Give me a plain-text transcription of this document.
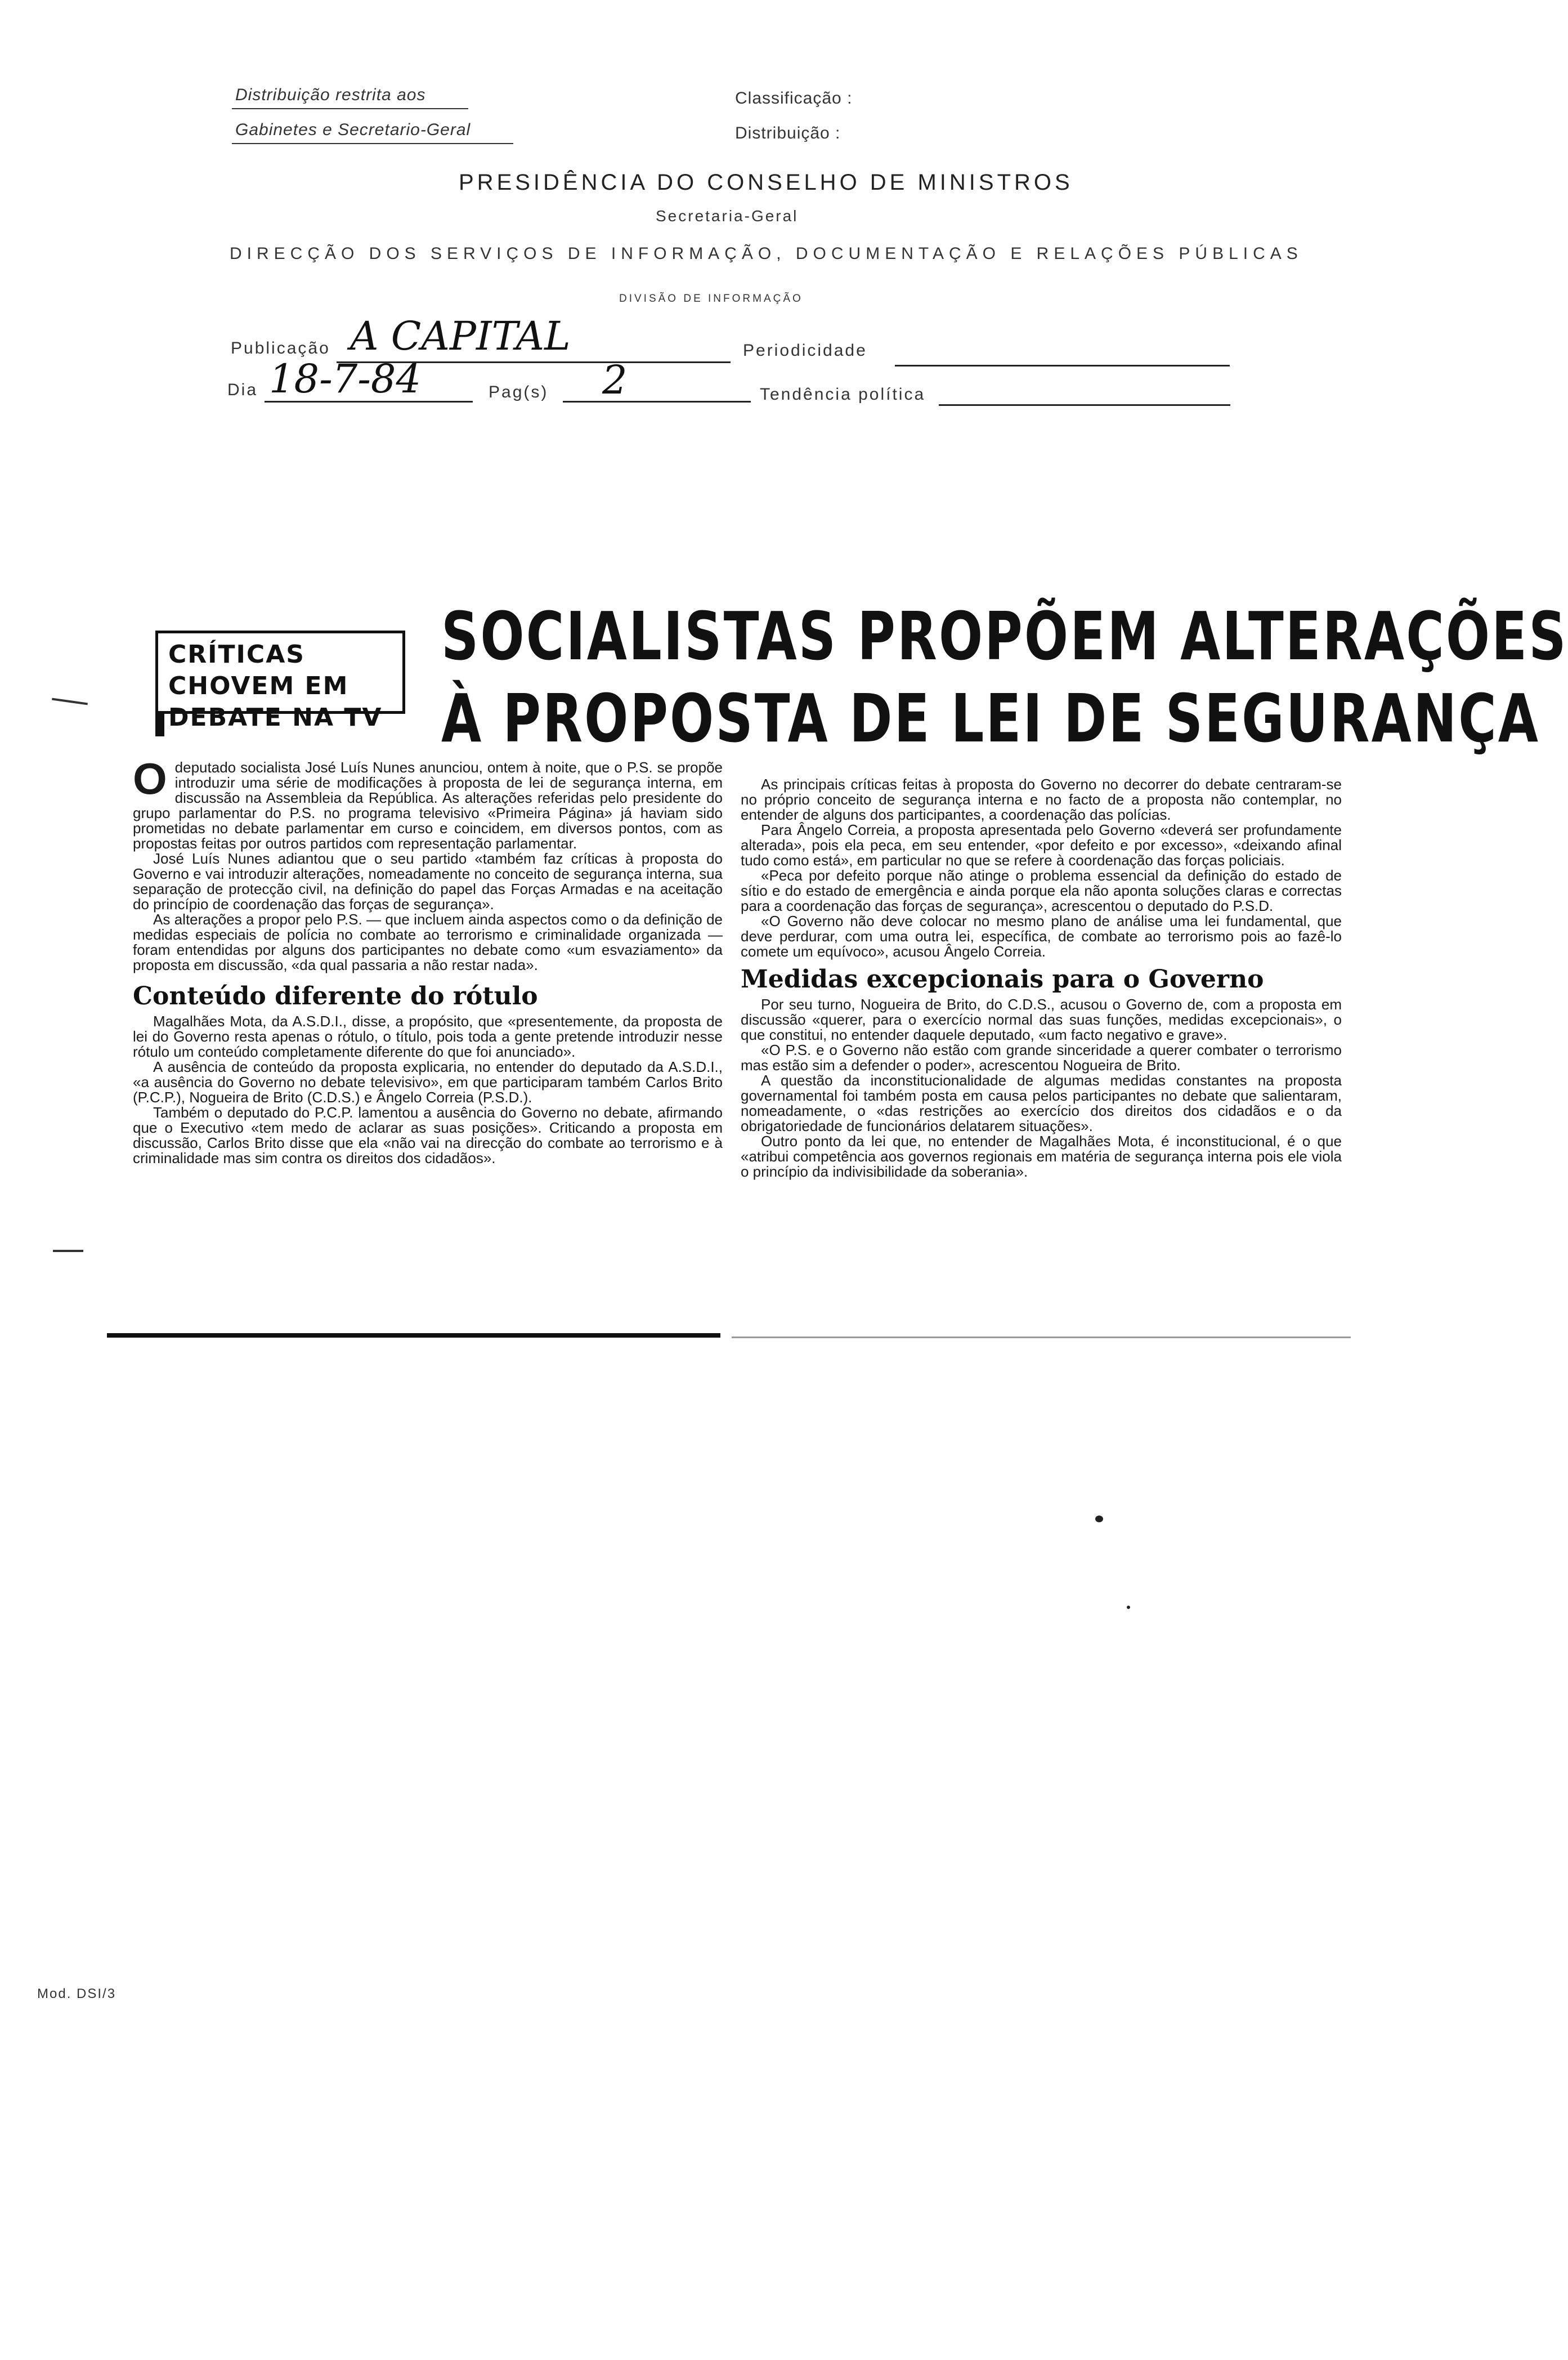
Distribuição restrita aos
Gabinetes e Secretario-Geral
Classificação :
Distribuição :
PRESIDÊNCIA DO CONSELHO DE MINISTROS
Secretaria-Geral
DIRECÇÃO DOS SERVIÇOS DE INFORMAÇÃO, DOCUMENTAÇÃO E RELAÇÕES PÚBLICAS
DIVISÃO DE INFORMAÇÃO
Publicação A CAPITAL	Periodicidade
Dia 18-7-84	Pag(s) 2	Tendência política
CRÍTICAS CHOVEM EM DEBATE NA TV
SOCIALISTAS PROPÕEM ALTERAÇÕES
À PROPOSTA DE LEI DE SEGURANÇA
O deputado socialista José Luís Nunes anunciou, ontem à noite, que o P.S. se propõe introduzir uma série de modificações à proposta de lei de segurança interna, em discussão na Assembleia da República. As alterações referidas pelo presidente do grupo parlamentar do P.S. no programa televisivo «Primeira Página» já haviam sido prometidas no debate parlamentar em curso e coincidem, em diversos pontos, com as propostas feitas por outros partidos com representação parlamentar.

José Luís Nunes adiantou que o seu partido «também faz críticas à proposta do Governo e vai introduzir alterações, nomeadamente no conceito de segurança interna, sua separação de protecção civil, na definição do papel das Forças Armadas e na aceitação do princípio de coordenação das forças de segurança».

As alterações a propor pelo P.S. — que incluem ainda aspectos como o da definição de medidas especiais de polícia no combate ao terrorismo e criminalidade organizada — foram entendidas por alguns dos participantes no debate como «um esvaziamento» da proposta em discussão, «da qual passaria a não restar nada».

Conteúdo diferente do rótulo

Magalhães Mota, da A.S.D.I., disse, a propósito, que «presentemente, da proposta de lei do Governo resta apenas o rótulo, o título, pois toda a gente pretende introduzir nesse rótulo um conteúdo completamente diferente do que foi anunciado».

A ausência de conteúdo da proposta explicaria, no entender do deputado da A.S.D.I., «a ausência do Governo no debate televisivo», em que participaram também Carlos Brito (P.C.P.), Nogueira de Brito (C.D.S.) e Ângelo Correia (P.S.D.).

Também o deputado do P.C.P. lamentou a ausência do Governo no debate, afirmando que o Executivo «tem medo de aclarar as suas posições». Criticando a proposta em discussão, Carlos Brito disse que ela «não vai na direcção do combate ao terrorismo e à criminalidade mas sim contra os direitos dos cidadãos».

As principais críticas feitas à proposta do Governo no decorrer do debate centraram-se no próprio conceito de segurança interna e no facto de a proposta não contemplar, no entender de alguns dos participantes, a coordenação das polícias.

Para Ângelo Correia, a proposta apresentada pelo Governo «deverá ser profundamente alterada», pois ela peca, em seu entender, «por defeito e por excesso», «deixando afinal tudo como está», em particular no que se refere à coordenação das forças policiais.

«Peca por defeito porque não atinge o problema essencial da definição do estado de sítio e do estado de emergência e ainda porque ela não aponta soluções claras e correctas para a coordenação das forças de segurança», acrescentou o deputado do P.S.D.

«O Governo não deve colocar no mesmo plano de análise uma lei fundamental, que deve perdurar, com uma outra lei, específica, de combate ao terrorismo pois ao fazê-lo comete um equívoco», acusou Ângelo Correia.

Medidas excepcionais para o Governo

Por seu turno, Nogueira de Brito, do C.D.S., acusou o Governo de, com a proposta em discussão «querer, para o exercício normal das suas funções, medidas excepcionais», o que constitui, no entender daquele deputado, «um facto negativo e grave».

«O P.S. e o Governo não estão com grande sinceridade a querer combater o terrorismo mas estão sim a defender o poder», acrescentou Nogueira de Brito.

A questão da inconstitucionalidade de algumas medidas constantes na proposta governamental foi também posta em causa pelos participantes no debate que salientaram, nomeadamente, o «das restrições ao exercício dos direitos dos cidadãos e o da obrigatoriedade de funcionários delatarem situações».

Outro ponto da lei que, no entender de Magalhães Mota, é inconstitucional, é o que «atribui competência aos governos regionais em matéria de segurança interna pois ele viola o princípio da indivisibilidade da soberania».

Mod. DSI/3
